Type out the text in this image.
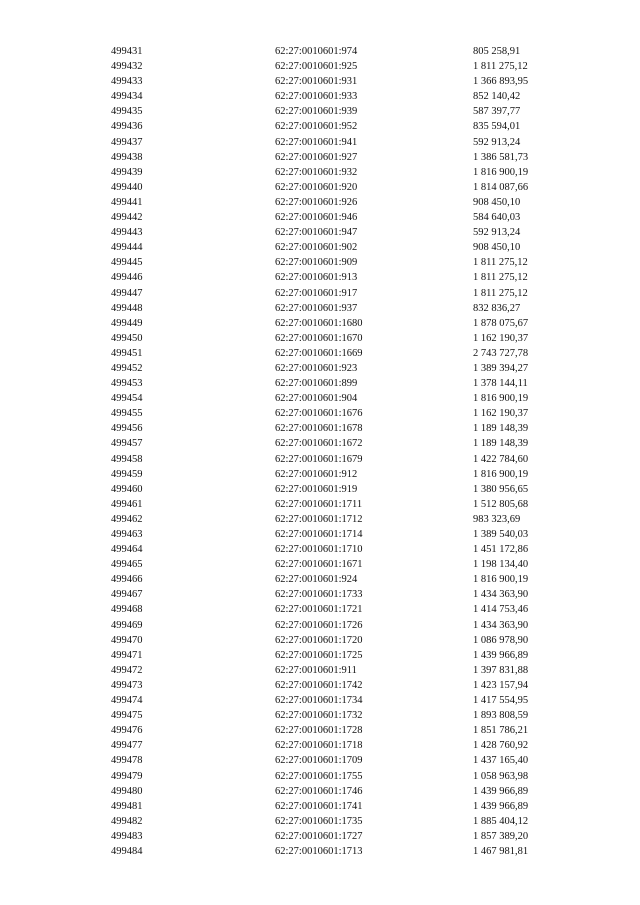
499431	62:27:0010601:974	805 258,91
499432	62:27:0010601:925	1 811 275,12
499433	62:27:0010601:931	1 366 893,95
499434	62:27:0010601:933	852 140,42
499435	62:27:0010601:939	587 397,77
499436	62:27:0010601:952	835 594,01
499437	62:27:0010601:941	592 913,24
499438	62:27:0010601:927	1 386 581,73
499439	62:27:0010601:932	1 816 900,19
499440	62:27:0010601:920	1 814 087,66
499441	62:27:0010601:926	908 450,10
499442	62:27:0010601:946	584 640,03
499443	62:27:0010601:947	592 913,24
499444	62:27:0010601:902	908 450,10
499445	62:27:0010601:909	1 811 275,12
499446	62:27:0010601:913	1 811 275,12
499447	62:27:0010601:917	1 811 275,12
499448	62:27:0010601:937	832 836,27
499449	62:27:0010601:1680	1 878 075,67
499450	62:27:0010601:1670	1 162 190,37
499451	62:27:0010601:1669	2 743 727,78
499452	62:27:0010601:923	1 389 394,27
499453	62:27:0010601:899	1 378 144,11
499454	62:27:0010601:904	1 816 900,19
499455	62:27:0010601:1676	1 162 190,37
499456	62:27:0010601:1678	1 189 148,39
499457	62:27:0010601:1672	1 189 148,39
499458	62:27:0010601:1679	1 422 784,60
499459	62:27:0010601:912	1 816 900,19
499460	62:27:0010601:919	1 380 956,65
499461	62:27:0010601:1711	1 512 805,68
499462	62:27:0010601:1712	983 323,69
499463	62:27:0010601:1714	1 389 540,03
499464	62:27:0010601:1710	1 451 172,86
499465	62:27:0010601:1671	1 198 134,40
499466	62:27:0010601:924	1 816 900,19
499467	62:27:0010601:1733	1 434 363,90
499468	62:27:0010601:1721	1 414 753,46
499469	62:27:0010601:1726	1 434 363,90
499470	62:27:0010601:1720	1 086 978,90
499471	62:27:0010601:1725	1 439 966,89
499472	62:27:0010601:911	1 397 831,88
499473	62:27:0010601:1742	1 423 157,94
499474	62:27:0010601:1734	1 417 554,95
499475	62:27:0010601:1732	1 893 808,59
499476	62:27:0010601:1728	1 851 786,21
499477	62:27:0010601:1718	1 428 760,92
499478	62:27:0010601:1709	1 437 165,40
499479	62:27:0010601:1755	1 058 963,98
499480	62:27:0010601:1746	1 439 966,89
499481	62:27:0010601:1741	1 439 966,89
499482	62:27:0010601:1735	1 885 404,12
499483	62:27:0010601:1727	1 857 389,20
499484	62:27:0010601:1713	1 467 981,81
